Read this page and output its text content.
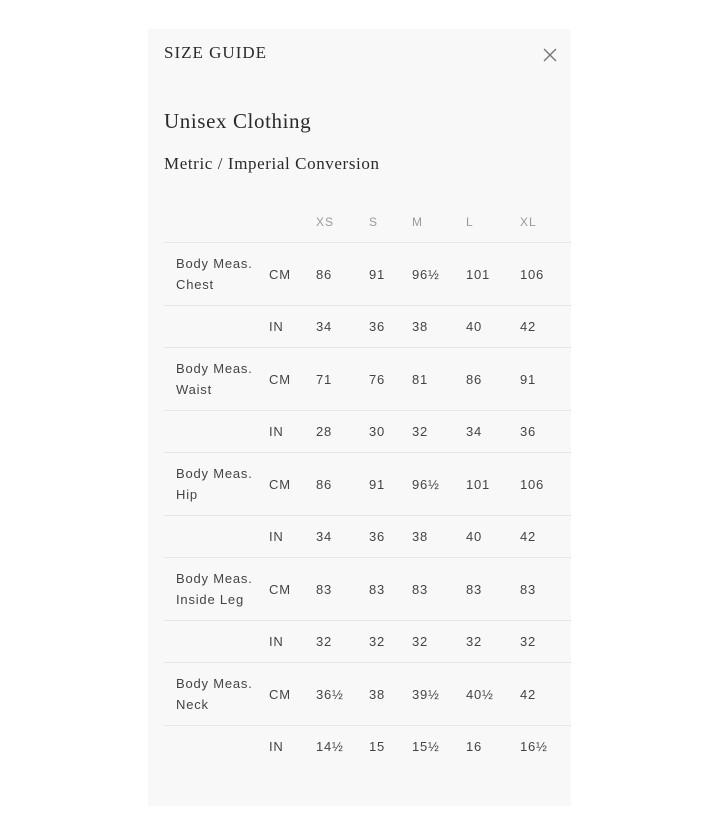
SIZE GUIDE
Unisex Clothing
Metric / Imperial Conversion
		XS	S	M	L	XL
Body Meas. Chest	CM	86	91	96½	101	106
	IN	34	36	38	40	42
Body Meas. Waist	CM	71	76	81	86	91
	IN	28	30	32	34	36
Body Meas. Hip	CM	86	91	96½	101	106
	IN	34	36	38	40	42
Body Meas. Inside Leg	CM	83	83	83	83	83
	IN	32	32	32	32	32
Body Meas. Neck	CM	36½	38	39½	40½	42
	IN	14½	15	15½	16	16½
